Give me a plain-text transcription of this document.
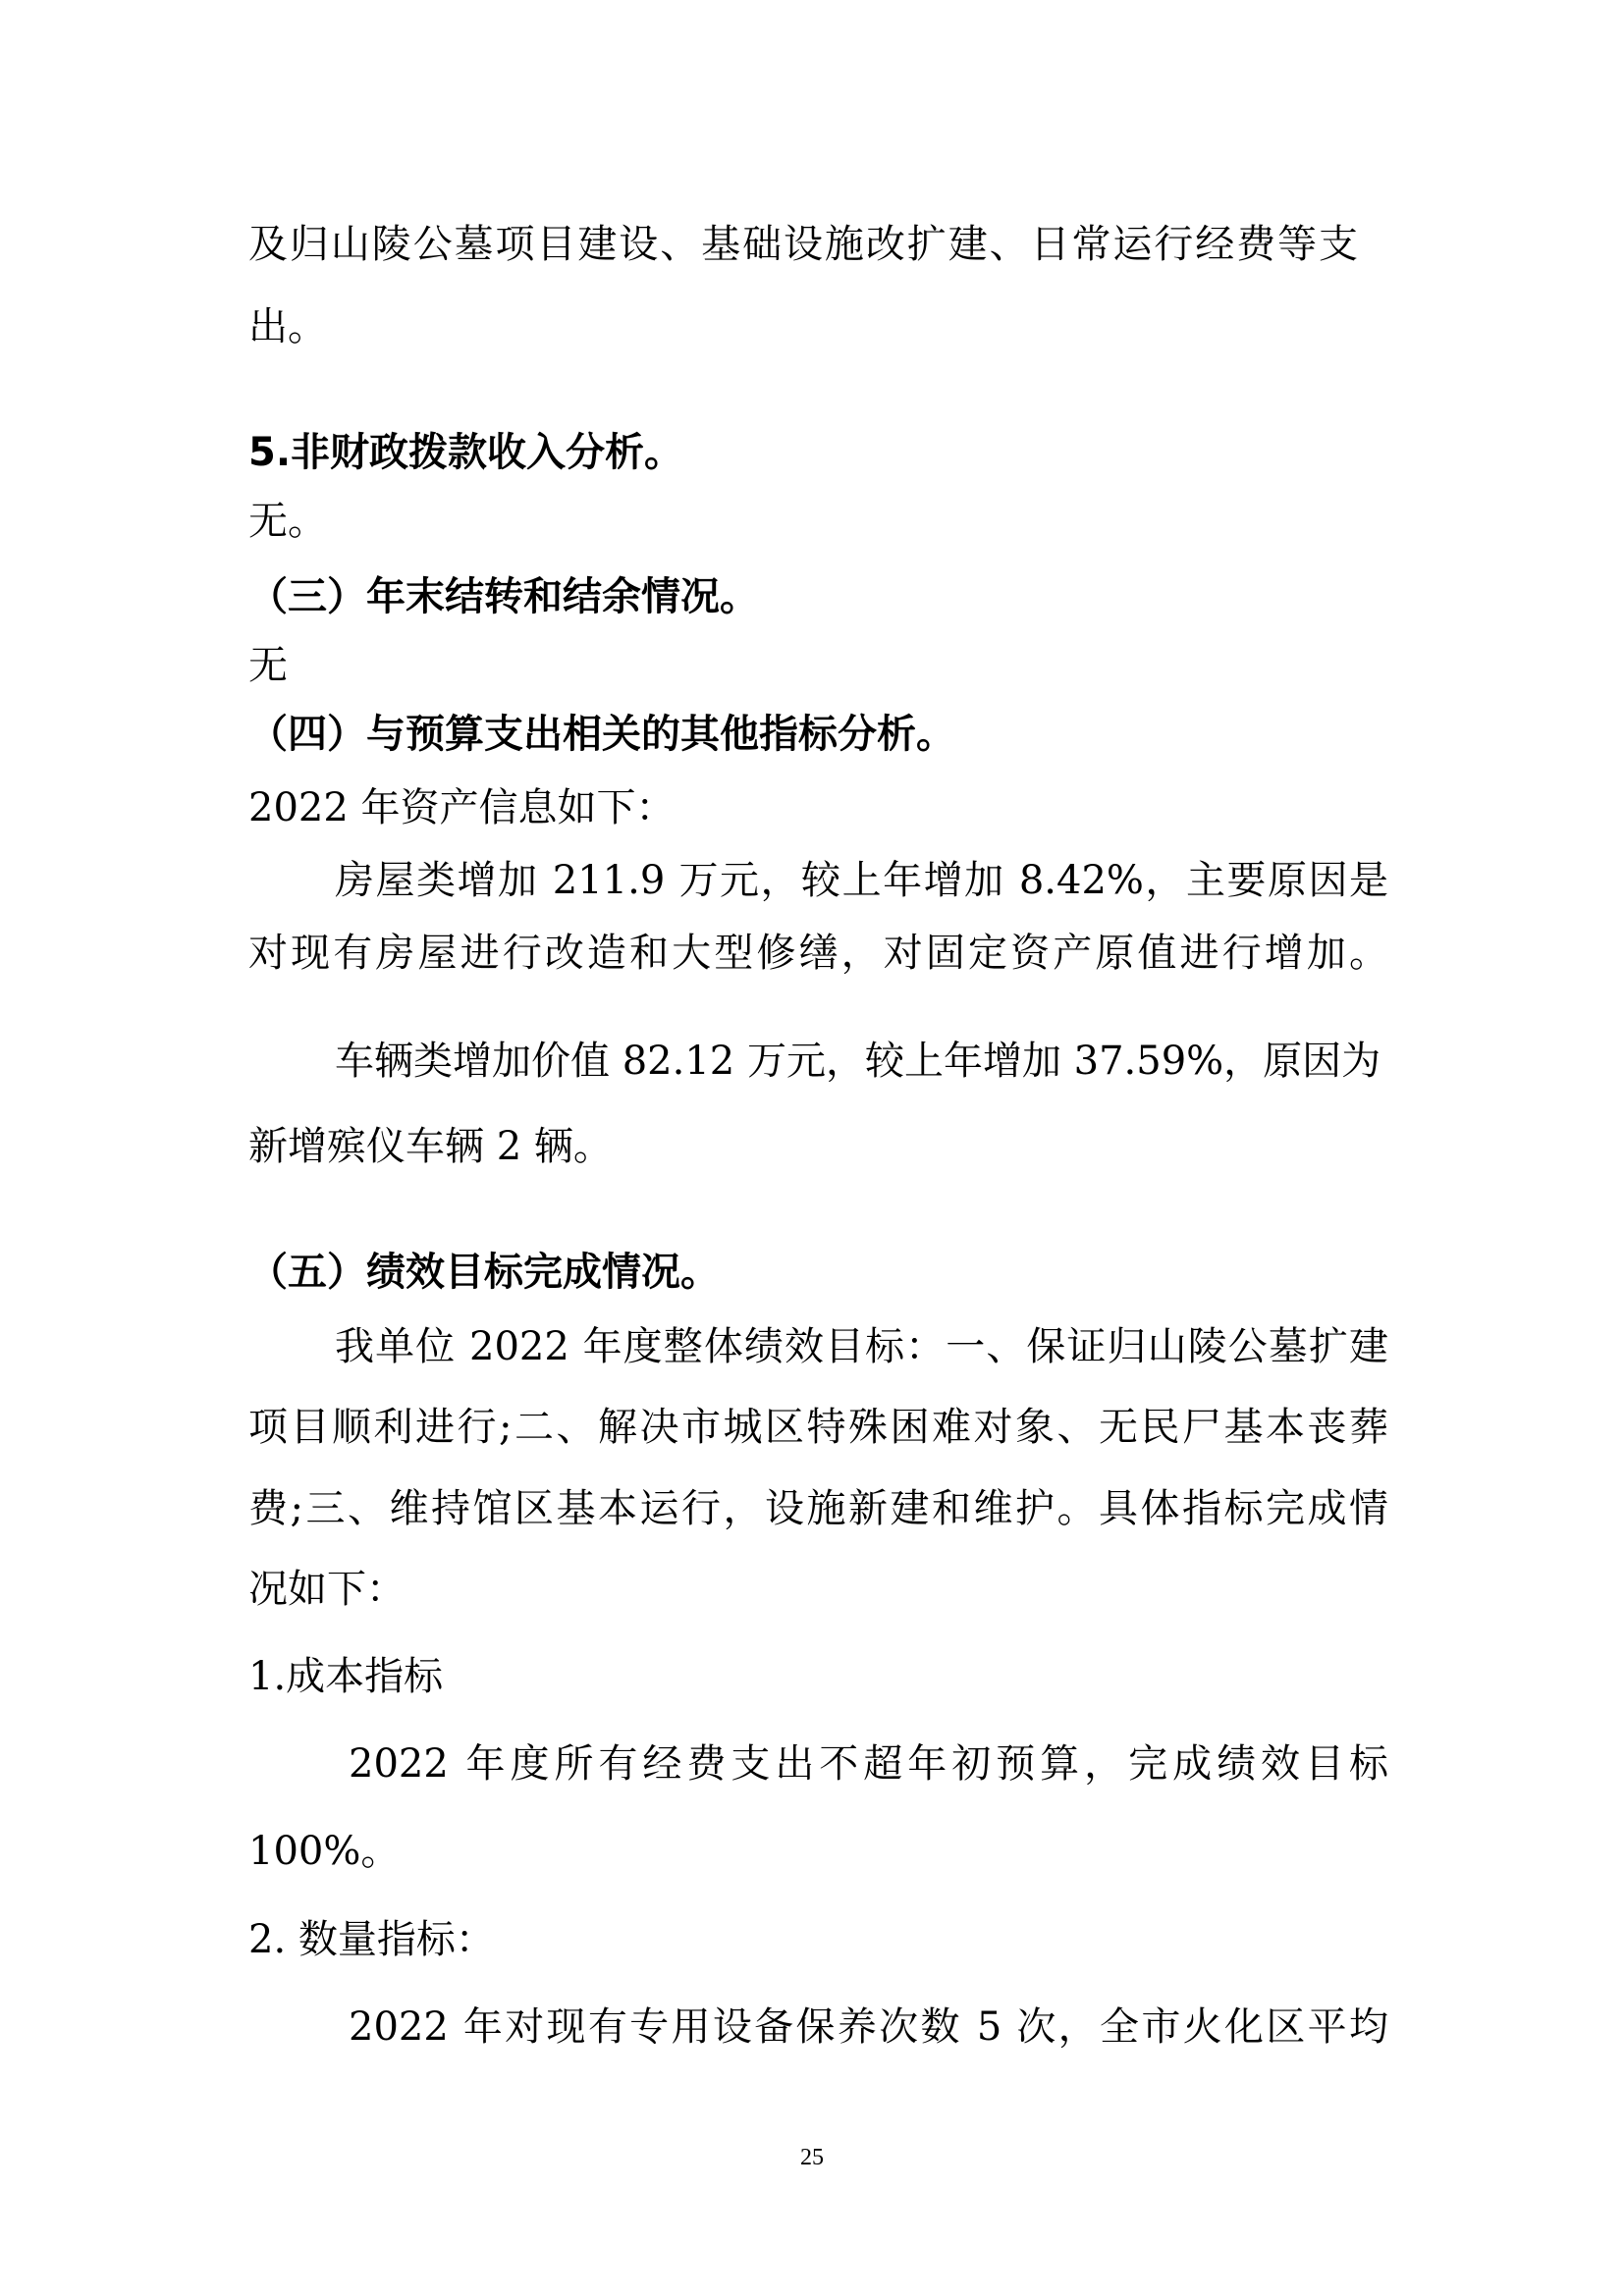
及归山陵公墓项目建设、基础设施改扩建、日常运行经费等支

出。

5.非财政拨款收入分析。

无。

（三）年末结转和结余情况。

无

（四）与预算支出相关的其他指标分析。

2022 年资产信息如下：

房屋类增加 211.9 万元，较上年增加 8.42%，主要原因是

对现有房屋进行改造和大型修缮，对固定资产原值进行增加。

车辆类增加价值 82.12 万元，较上年增加 37.59%，原因为

新增殡仪车辆 2 辆。

（五）绩效目标完成情况。

我单位 2022 年度整体绩效目标：一、保证归山陵公墓扩建

项目顺利进行;二、解决市城区特殊困难对象、无民尸基本丧葬

费;三、维持馆区基本运行，设施新建和维护。具体指标完成情

况如下：

1.成本指标

2022 年度所有经费支出不超年初预算，完成绩效目标

100%。

2. 数量指标：

2022 年对现有专用设备保养次数 5 次，全市火化区平均

25
